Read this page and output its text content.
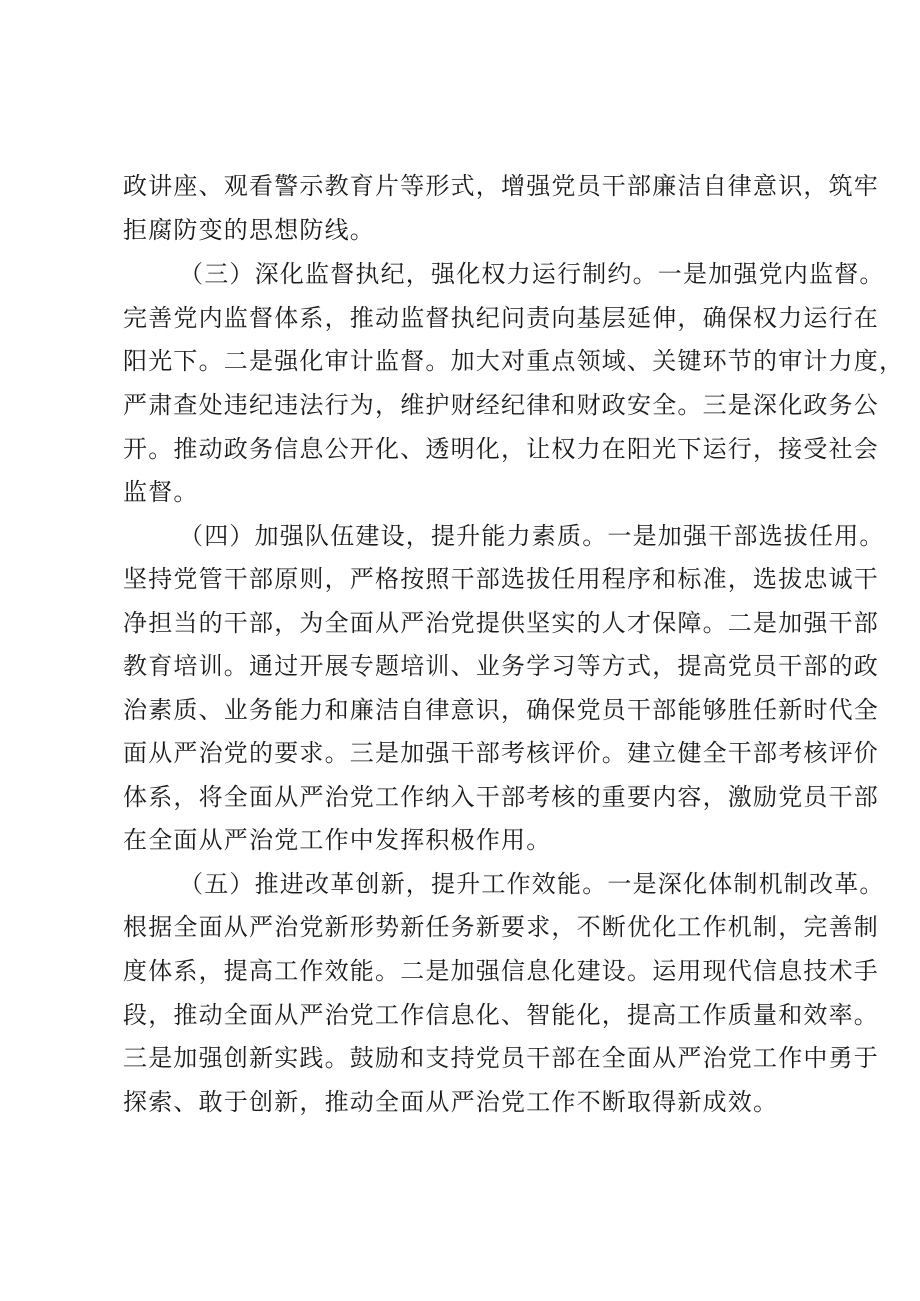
政讲座、观看警示教育片等形式，增强党员干部廉洁自律意识，筑牢
拒腐防变的思想防线。
（三）深化监督执纪，强化权力运行制约。一是加强党内监督。
完善党内监督体系，推动监督执纪问责向基层延伸，确保权力运行在
阳光下。二是强化审计监督。加大对重点领域、关键环节的审计力度，
严肃查处违纪违法行为，维护财经纪律和财政安全。三是深化政务公
开。推动政务信息公开化、透明化，让权力在阳光下运行，接受社会
监督。
（四）加强队伍建设，提升能力素质。一是加强干部选拔任用。
坚持党管干部原则，严格按照干部选拔任用程序和标准，选拔忠诚干
净担当的干部，为全面从严治党提供坚实的人才保障。二是加强干部
教育培训。通过开展专题培训、业务学习等方式，提高党员干部的政
治素质、业务能力和廉洁自律意识，确保党员干部能够胜任新时代全
面从严治党的要求。三是加强干部考核评价。建立健全干部考核评价
体系，将全面从严治党工作纳入干部考核的重要内容，激励党员干部
在全面从严治党工作中发挥积极作用。
（五）推进改革创新，提升工作效能。一是深化体制机制改革。
根据全面从严治党新形势新任务新要求，不断优化工作机制，完善制
度体系，提高工作效能。二是加强信息化建设。运用现代信息技术手
段，推动全面从严治党工作信息化、智能化，提高工作质量和效率。
三是加强创新实践。鼓励和支持党员干部在全面从严治党工作中勇于
探索、敢于创新，推动全面从严治党工作不断取得新成效。
